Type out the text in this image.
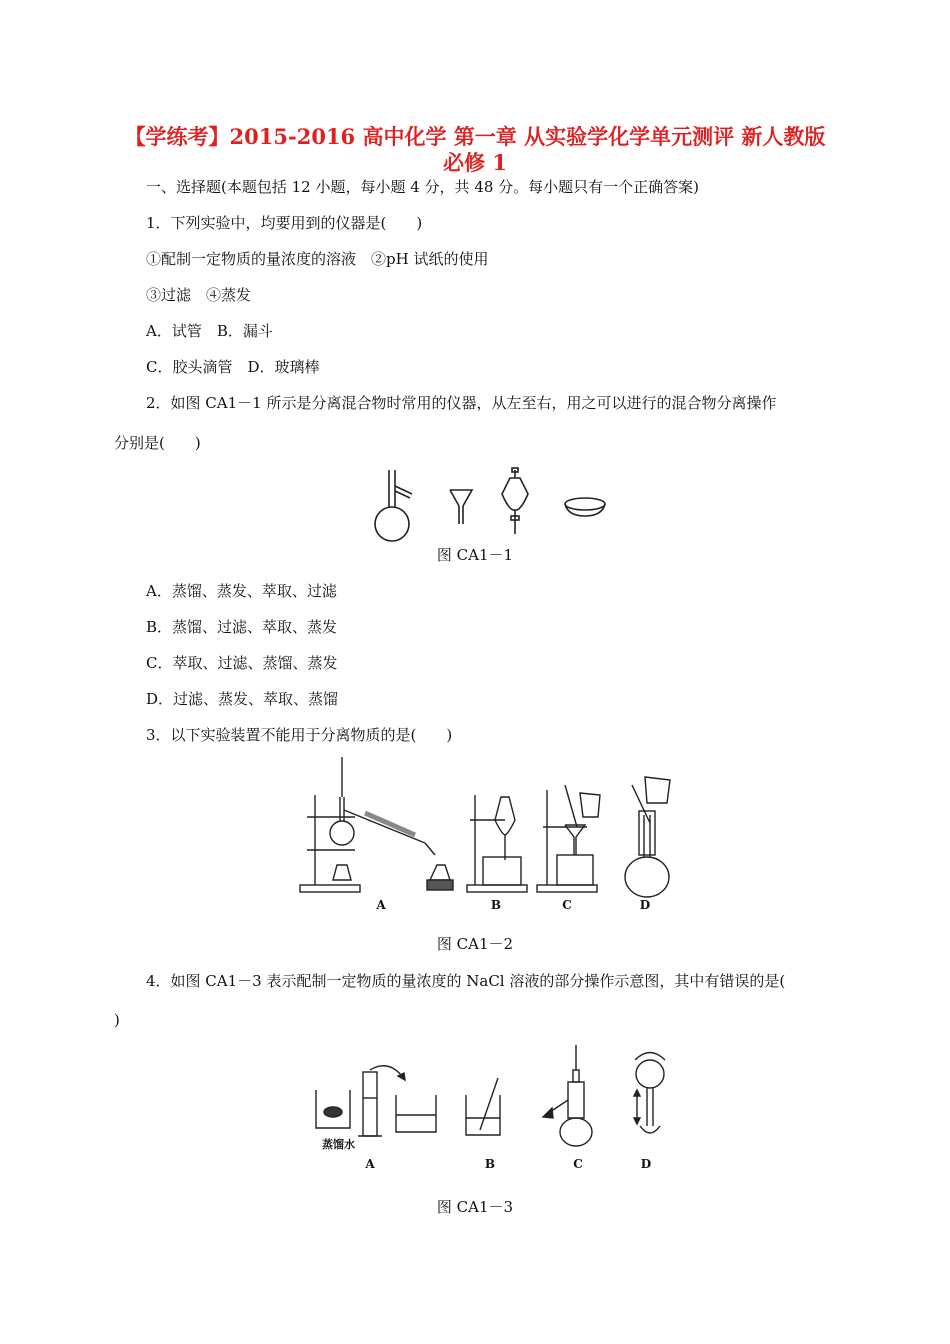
【学练考】2015-2016 高中化学 第一章 从实验学化学单元测评 新人教版
必修 1
一、选择题(本题包括 12 小题，每小题 4 分，共 48 分。每小题只有一个正确答案)
1．下列实验中，均要用到的仪器是(　　)
①配制一定物质的量浓度的溶液　②pH 试纸的使用
③过滤　④蒸发
A．试管　B．漏斗
C．胶头滴管　D．玻璃棒
2．如图 CA1－1 所示是分离混合物时常用的仪器，从左至右，用之可以进行的混合物分离操作
分别是(　　)
图 CA1－1
A．蒸馏、蒸发、萃取、过滤
B．蒸馏、过滤、萃取、蒸发
C．萃取、过滤、蒸馏、蒸发
D．过滤、蒸发、萃取、蒸馏
3．以下实验装置不能用于分离物质的是(　　)
A	B	C	D
图 CA1－2
4．如图 CA1－3 表示配制一定物质的量浓度的 NaCl 溶液的部分操作示意图，其中有错误的是(
)
蒸馏水
A	B	C	D
图 CA1－3
